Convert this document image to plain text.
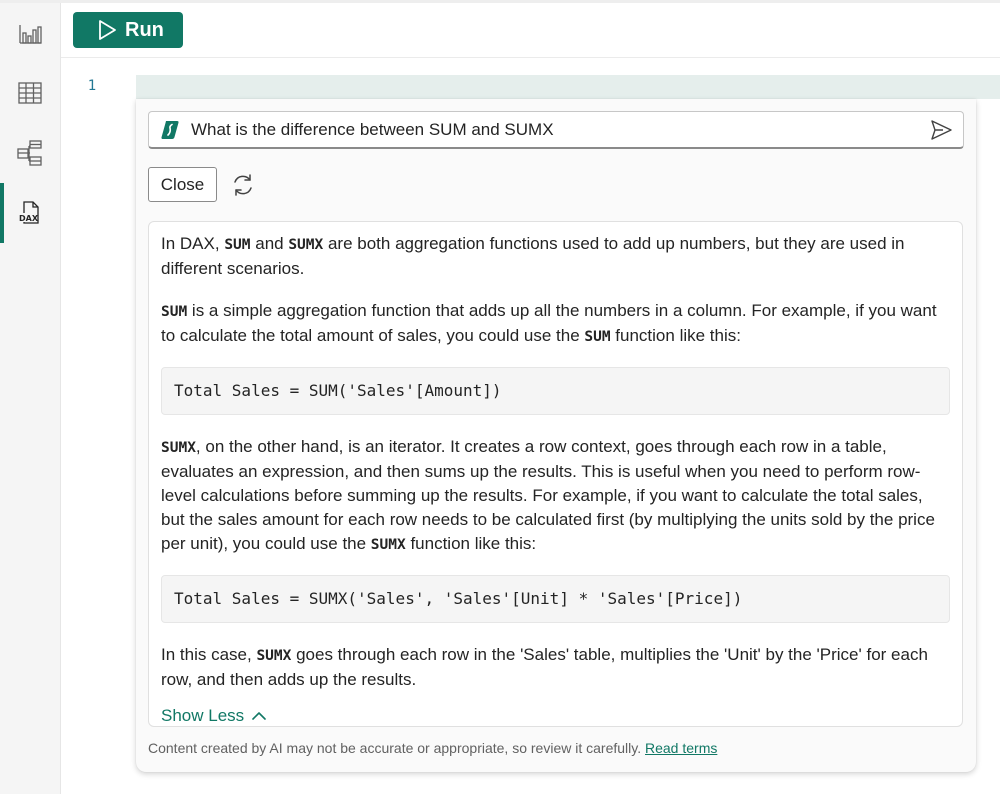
DAX
Run
1
What is the difference between SUM and SUMX
Close

In DAX, SUM and SUMX are both aggregation functions used to add up numbers, but they are used in different scenarios.

SUM is a simple aggregation function that adds up all the numbers in a column. For example, if you want to calculate the total amount of sales, you could use the SUM function like this:

Total Sales = SUM('Sales'[Amount])

SUMX, on the other hand, is an iterator. It creates a row context, goes through each row in a table, evaluates an expression, and then sums up the results. This is useful when you need to perform row-level calculations before summing up the results. For example, if you want to calculate the total sales, but the sales amount for each row needs to be calculated first (by multiplying the units sold by the price per unit), you could use the SUMX function like this:

Total Sales = SUMX('Sales', 'Sales'[Unit] * 'Sales'[Price])

In this case, SUMX goes through each row in the 'Sales' table, multiplies the 'Unit' by the 'Price' for each row, and then adds up the results.

Show Less
Content created by AI may not be accurate or appropriate, so review it carefully. Read terms
